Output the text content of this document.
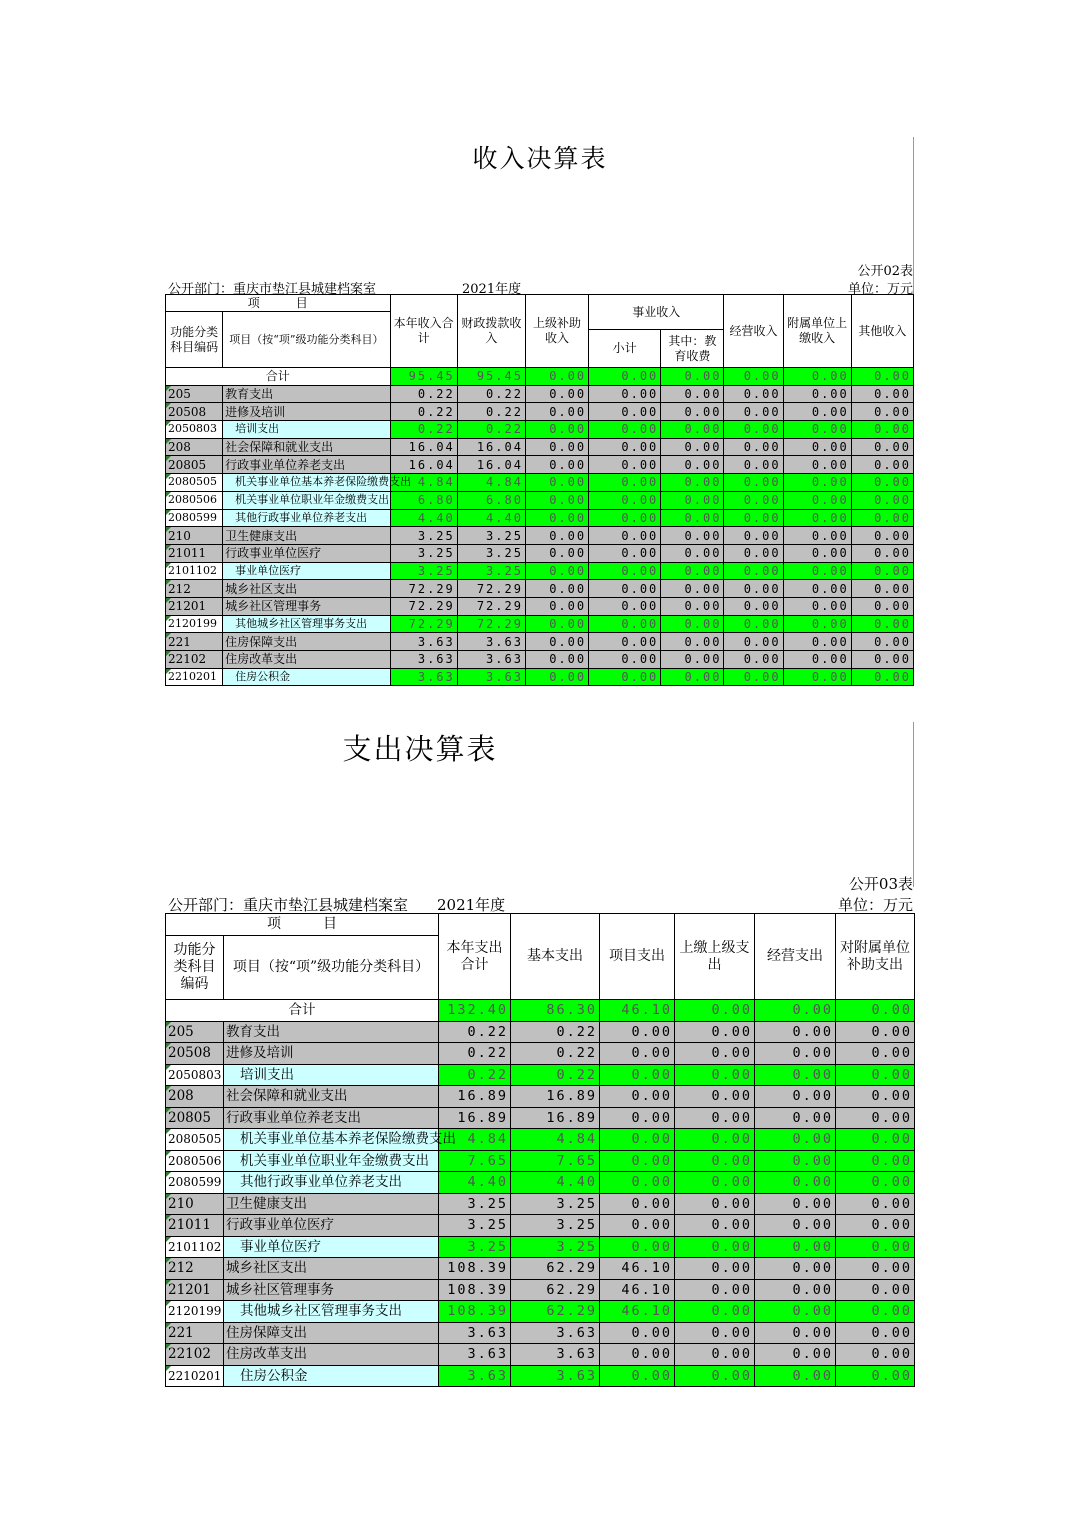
收入决算表
公开02表
公开部门：重庆市垫江县城建档案室	2021年度	单位：万元
项　　　目		本年收入合计	财政拨款收入	上级补助收入	事业收入		经营收入	附属单位上缴收入	其他收入
功能分类科目编码	项目（按“项”级功能分类科目）								
					小计	其中：教育收费			
合计		95.45	95.45	0.00	0.00	0.00	0.00	0.00	0.00
205	教育支出	0.22	0.22	0.00	0.00	0.00	0.00	0.00	0.00
20508	进修及培训	0.22	0.22	0.00	0.00	0.00	0.00	0.00	0.00
2050803	培训支出	0.22	0.22	0.00	0.00	0.00	0.00	0.00	0.00
208	社会保障和就业支出	16.04	16.04	0.00	0.00	0.00	0.00	0.00	0.00
20805	行政事业单位养老支出	16.04	16.04	0.00	0.00	0.00	0.00	0.00	0.00
2080505	机关事业单位基本养老保险缴费支出	4.84	4.84	0.00	0.00	0.00	0.00	0.00	0.00
2080506	机关事业单位职业年金缴费支出	6.80	6.80	0.00	0.00	0.00	0.00	0.00	0.00
2080599	其他行政事业单位养老支出	4.40	4.40	0.00	0.00	0.00	0.00	0.00	0.00
210	卫生健康支出	3.25	3.25	0.00	0.00	0.00	0.00	0.00	0.00
21011	行政事业单位医疗	3.25	3.25	0.00	0.00	0.00	0.00	0.00	0.00
2101102	事业单位医疗	3.25	3.25	0.00	0.00	0.00	0.00	0.00	0.00
212	城乡社区支出	72.29	72.29	0.00	0.00	0.00	0.00	0.00	0.00
21201	城乡社区管理事务	72.29	72.29	0.00	0.00	0.00	0.00	0.00	0.00
2120199	其他城乡社区管理事务支出	72.29	72.29	0.00	0.00	0.00	0.00	0.00	0.00
221	住房保障支出	3.63	3.63	0.00	0.00	0.00	0.00	0.00	0.00
22102	住房改革支出	3.63	3.63	0.00	0.00	0.00	0.00	0.00	0.00
2210201	住房公积金	3.63	3.63	0.00	0.00	0.00	0.00	0.00	0.00
支出决算表
公开03表
公开部门：重庆市垫江县城建档案室 2021年度	单位：万元
项　　　目		本年支出合计	基本支出	项目支出	上缴上级支出	经营支出	对附属单位补助支出
功能分类科目编码	项目（按“项”级功能分类科目）						
合计		132.40	86.30	46.10	0.00	0.00	0.00
205	教育支出	0.22	0.22	0.00	0.00	0.00	0.00
20508	进修及培训	0.22	0.22	0.00	0.00	0.00	0.00
2050803	培训支出	0.22	0.22	0.00	0.00	0.00	0.00
208	社会保障和就业支出	16.89	16.89	0.00	0.00	0.00	0.00
20805	行政事业单位养老支出	16.89	16.89	0.00	0.00	0.00	0.00
2080505	机关事业单位基本养老保险缴费支出	4.84	4.84	0.00	0.00	0.00	0.00
2080506	机关事业单位职业年金缴费支出	7.65	7.65	0.00	0.00	0.00	0.00
2080599	其他行政事业单位养老支出	4.40	4.40	0.00	0.00	0.00	0.00
210	卫生健康支出	3.25	3.25	0.00	0.00	0.00	0.00
21011	行政事业单位医疗	3.25	3.25	0.00	0.00	0.00	0.00
2101102	事业单位医疗	3.25	3.25	0.00	0.00	0.00	0.00
212	城乡社区支出	108.39	62.29	46.10	0.00	0.00	0.00
21201	城乡社区管理事务	108.39	62.29	46.10	0.00	0.00	0.00
2120199	其他城乡社区管理事务支出	108.39	62.29	46.10	0.00	0.00	0.00
221	住房保障支出	3.63	3.63	0.00	0.00	0.00	0.00
22102	住房改革支出	3.63	3.63	0.00	0.00	0.00	0.00
2210201	住房公积金	3.63	3.63	0.00	0.00	0.00	0.00
